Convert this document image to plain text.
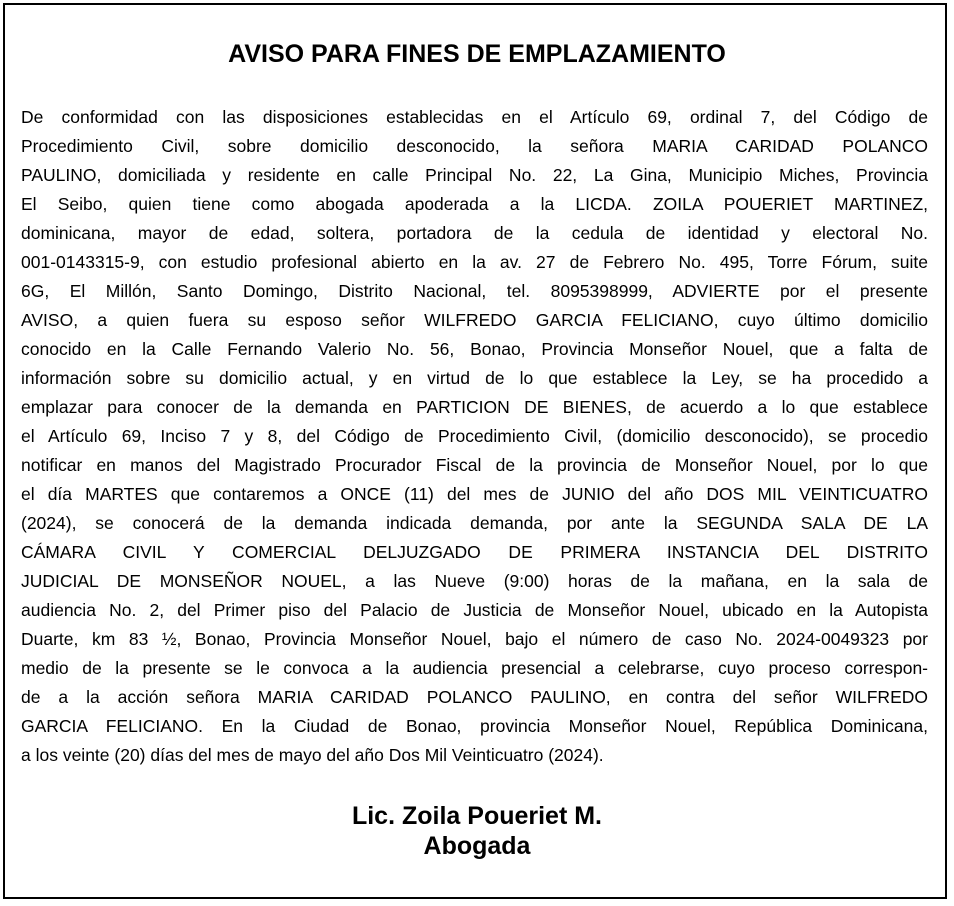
AVISO PARA FINES DE EMPLAZAMIENTO
De conformidad con las disposiciones establecidas en el Artículo 69, ordinal 7, del Código de
Procedimiento Civil, sobre domicilio desconocido, la señora MARIA CARIDAD POLANCO
PAULINO, domiciliada y residente en calle Principal No. 22, La Gina, Municipio Miches, Provincia
El Seibo, quien tiene como abogada apoderada a la LICDA. ZOILA POUERIET MARTINEZ,
dominicana, mayor de edad, soltera, portadora de la cedula de identidad y electoral No.
001-0143315-9, con estudio profesional abierto en la av. 27 de Febrero No. 495, Torre Fórum, suite
6G, El Millón, Santo Domingo, Distrito Nacional, tel. 8095398999, ADVIERTE por el presente
AVISO, a quien fuera su esposo señor WILFREDO GARCIA FELICIANO, cuyo último domicilio
conocido en la Calle Fernando Valerio No. 56, Bonao, Provincia Monseñor Nouel, que a falta de
información sobre su domicilio actual, y en virtud de lo que establece la Ley, se ha procedido a
emplazar para conocer de la demanda en PARTICION DE BIENES, de acuerdo a lo que establece
el Artículo 69, Inciso 7 y 8, del Código de Procedimiento Civil, (domicilio desconocido), se procedio
notificar en manos del Magistrado Procurador Fiscal de la provincia de Monseñor Nouel, por lo que
el día MARTES que contaremos a ONCE (11) del mes de JUNIO del año DOS MIL VEINTICUATRO
(2024), se conocerá de la demanda indicada demanda, por ante la SEGUNDA SALA DE LA
CÁMARA CIVIL Y COMERCIAL DELJUZGADO DE PRIMERA INSTANCIA DEL DISTRITO
JUDICIAL DE MONSEÑOR NOUEL, a las Nueve (9:00) horas de la mañana, en la sala de
audiencia No. 2, del Primer piso del Palacio de Justicia de Monseñor Nouel, ubicado en la Autopista
Duarte, km 83 ½, Bonao, Provincia Monseñor Nouel, bajo el número de caso No. 2024-0049323 por
medio de la presente se le convoca a la audiencia presencial a celebrarse, cuyo proceso correspon-
de a la acción señora MARIA CARIDAD POLANCO PAULINO, en contra del señor WILFREDO
GARCIA FELICIANO. En la Ciudad de Bonao, provincia Monseñor Nouel, República Dominicana,
a los veinte (20) días del mes de mayo del año Dos Mil Veinticuatro (2024).
Lic. Zoila Poueriet M.
Abogada
